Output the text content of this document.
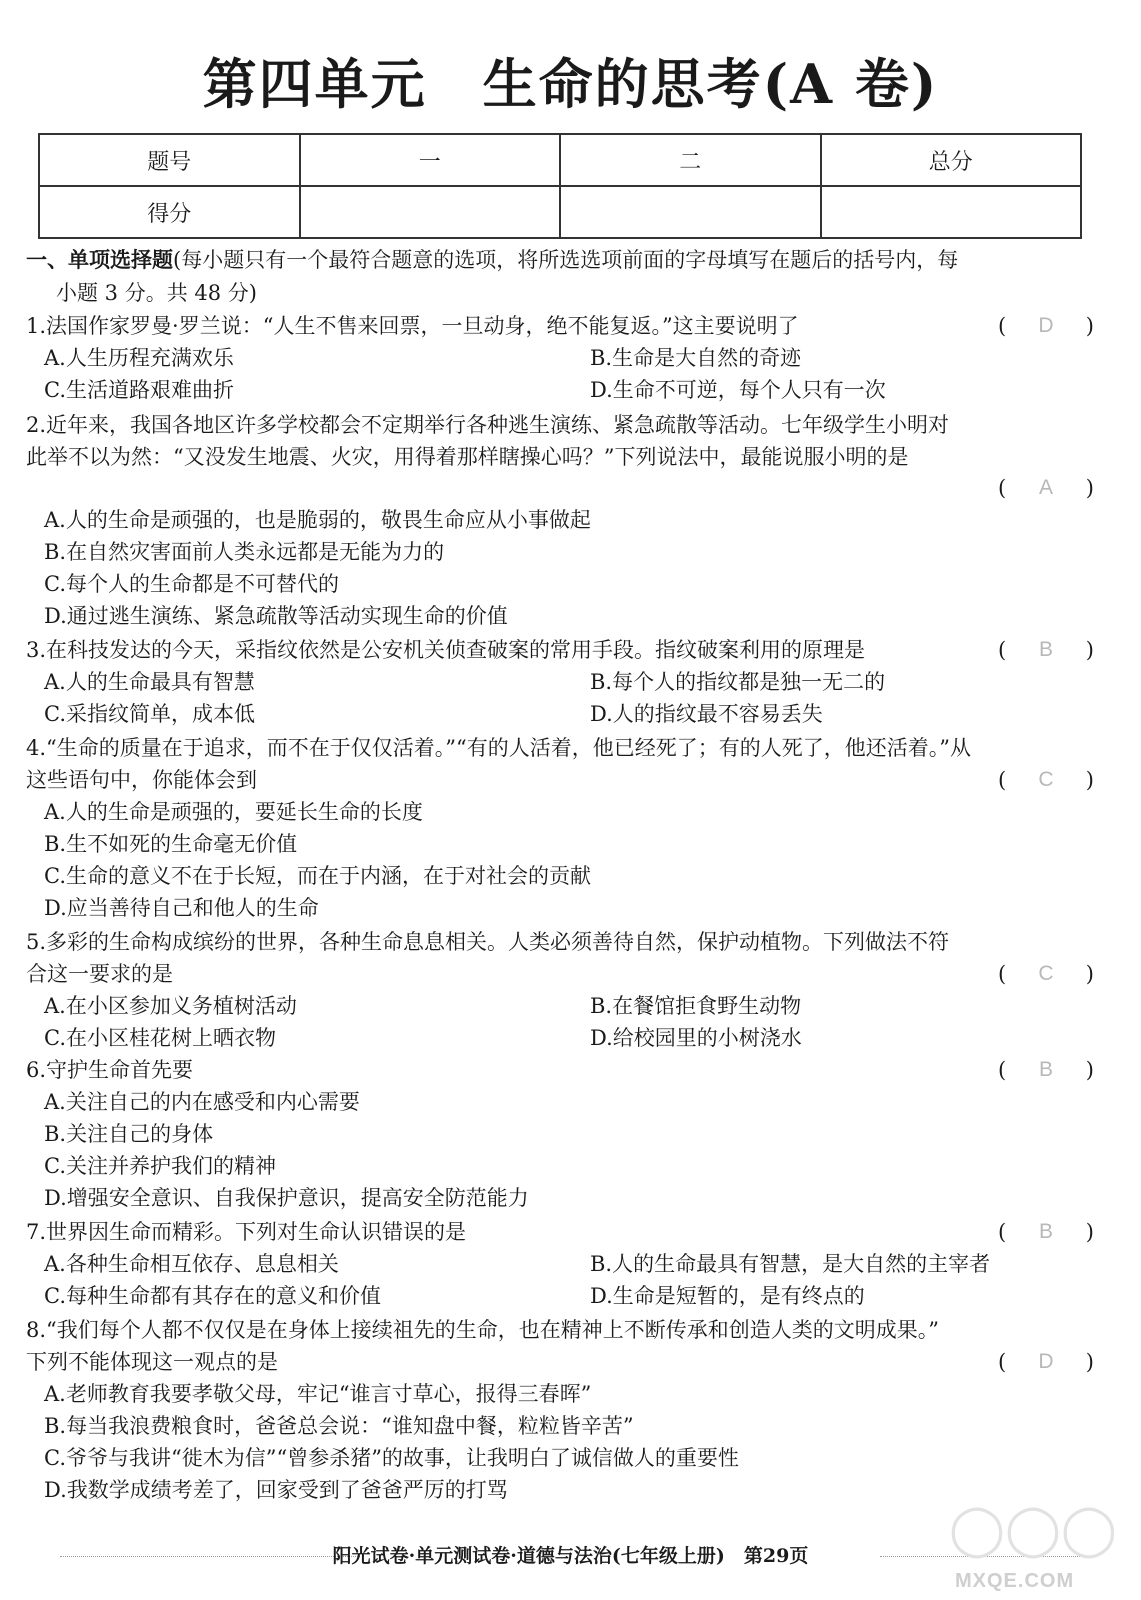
第四单元　生命的思考(A 卷)
题号	一	二	总分
得分			
一、单项选择题(每小题只有一个最符合题意的选项，将所选选项前面的字母填写在题后的括号内，每
小题 3 分。共 48 分)
1.法国作家罗曼·罗兰说：“人生不售来回票，一旦动身，绝不能复返。”这主要说明了	( D )
A.人生历程充满欢乐	B.生命是大自然的奇迹
C.生活道路艰难曲折	D.生命不可逆，每个人只有一次
2.近年来，我国各地区许多学校都会不定期举行各种逃生演练、紧急疏散等活动。七年级学生小明对
此举不以为然：“又没发生地震、火灾，用得着那样瞎操心吗？”下列说法中，最能说服小明的是
( A )
A.人的生命是顽强的，也是脆弱的，敬畏生命应从小事做起
B.在自然灾害面前人类永远都是无能为力的
C.每个人的生命都是不可替代的
D.通过逃生演练、紧急疏散等活动实现生命的价值
3.在科技发达的今天，采指纹依然是公安机关侦查破案的常用手段。指纹破案利用的原理是	( B )
A.人的生命最具有智慧	B.每个人的指纹都是独一无二的
C.采指纹简单，成本低	D.人的指纹最不容易丢失
4.“生命的质量在于追求，而不在于仅仅活着。”“有的人活着，他已经死了；有的人死了，他还活着。”从
这些语句中，你能体会到	( C )
A.人的生命是顽强的，要延长生命的长度
B.生不如死的生命毫无价值
C.生命的意义不在于长短，而在于内涵，在于对社会的贡献
D.应当善待自己和他人的生命
5.多彩的生命构成缤纷的世界，各种生命息息相关。人类必须善待自然，保护动植物。下列做法不符
合这一要求的是	( C )
A.在小区参加义务植树活动	B.在餐馆拒食野生动物
C.在小区桂花树上晒衣物	D.给校园里的小树浇水
6.守护生命首先要	( B )
A.关注自己的内在感受和内心需要
B.关注自己的身体
C.关注并养护我们的精神
D.增强安全意识、自我保护意识，提高安全防范能力
7.世界因生命而精彩。下列对生命认识错误的是	( B )
A.各种生命相互依存、息息相关	B.人的生命最具有智慧，是大自然的主宰者
C.每种生命都有其存在的意义和价值	D.生命是短暂的，是有终点的
8.“我们每个人都不仅仅是在身体上接续祖先的生命，也在精神上不断传承和创造人类的文明成果。”
下列不能体现这一观点的是	( D )
A.老师教育我要孝敬父母，牢记“谁言寸草心，报得三春晖”
B.每当我浪费粮食时，爸爸总会说：“谁知盘中餐，粒粒皆辛苦”
C.爷爷与我讲“徙木为信”“曾参杀猪”的故事，让我明白了诚信做人的重要性
D.我数学成绩考差了，回家受到了爸爸严厉的打骂
阳光试卷·单元测试卷·道德与法治(七年级上册)　第29页	◯◯◯
MXQE.COM
